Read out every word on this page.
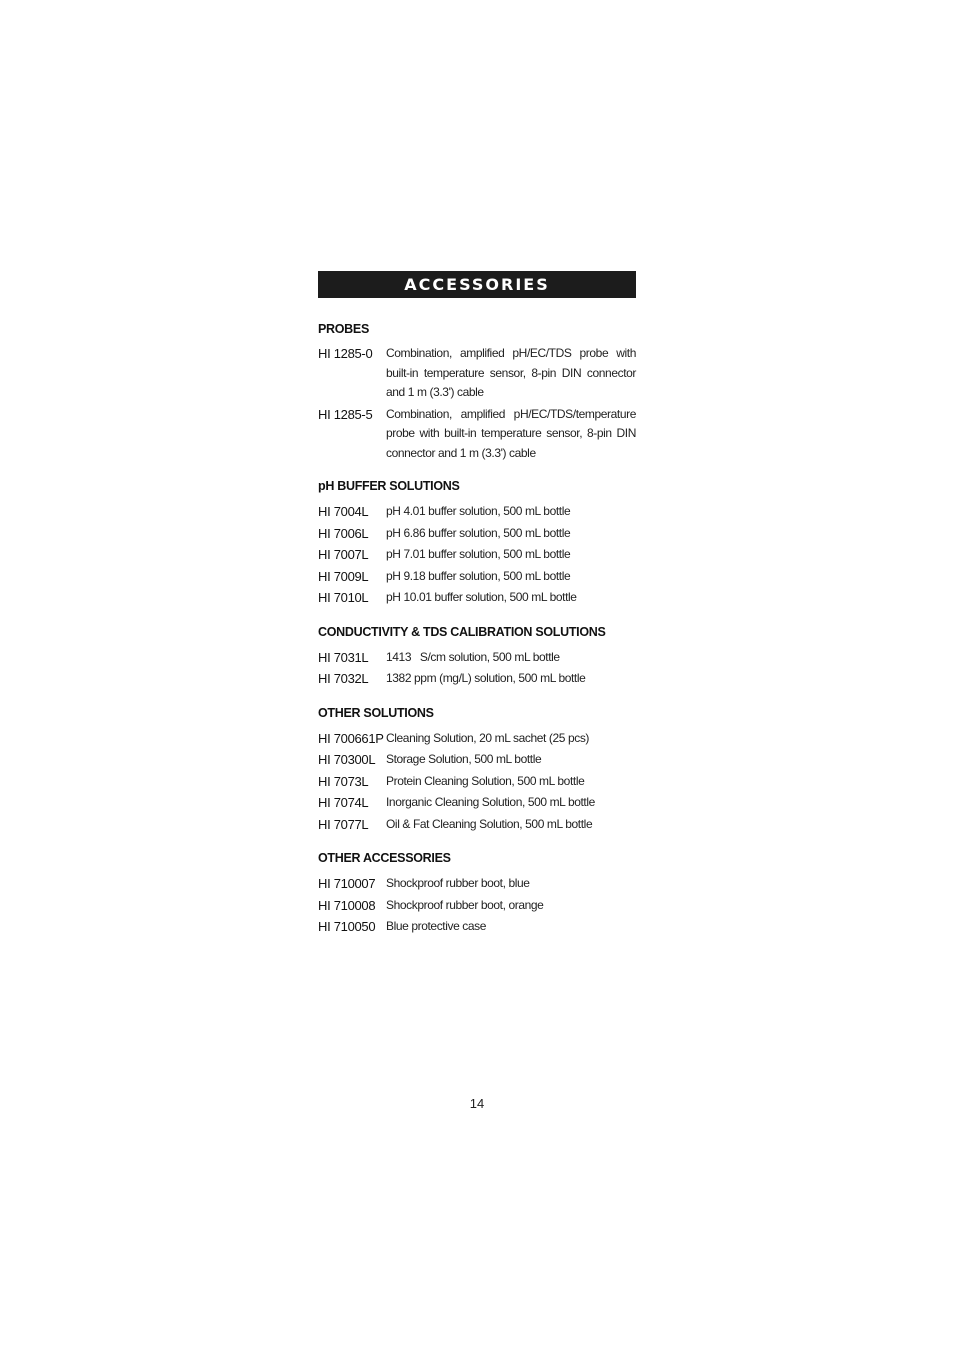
ACCESSORIES
PROBES
HI 1285-0	Combination, amplified pH/EC/TDS probe with built-in temperature sensor, 8-pin DIN connector and 1 m (3.3') cable
HI 1285-5	Combination, amplified pH/EC/TDS/temperature probe with built-in temperature sensor, 8-pin DIN connector and 1 m (3.3') cable
pH BUFFER SOLUTIONS
HI 7004L	pH 4.01 buffer solution, 500 mL bottle
HI 7006L	pH 6.86 buffer solution, 500 mL bottle
HI 7007L	pH 7.01 buffer solution, 500 mL bottle
HI 7009L	pH 9.18 buffer solution, 500 mL bottle
HI 7010L	pH 10.01 buffer solution, 500 mL bottle
CONDUCTIVITY & TDS CALIBRATION SOLUTIONS
HI 7031L	1413   S/cm solution, 500 mL bottle
HI 7032L	1382 ppm (mg/L) solution, 500 mL bottle
OTHER SOLUTIONS
HI 700661P Cleaning Solution, 20 mL sachet (25 pcs)
HI 70300L Storage Solution, 500 mL bottle
HI 7073L	Protein Cleaning Solution, 500 mL bottle
HI 7074L	Inorganic Cleaning Solution, 500 mL bottle
HI 7077L	Oil & Fat Cleaning Solution, 500 mL bottle
OTHER ACCESSORIES
HI 710007 Shockproof rubber boot, blue
HI 710008 Shockproof rubber boot, orange
HI 710050 Blue protective case
14
